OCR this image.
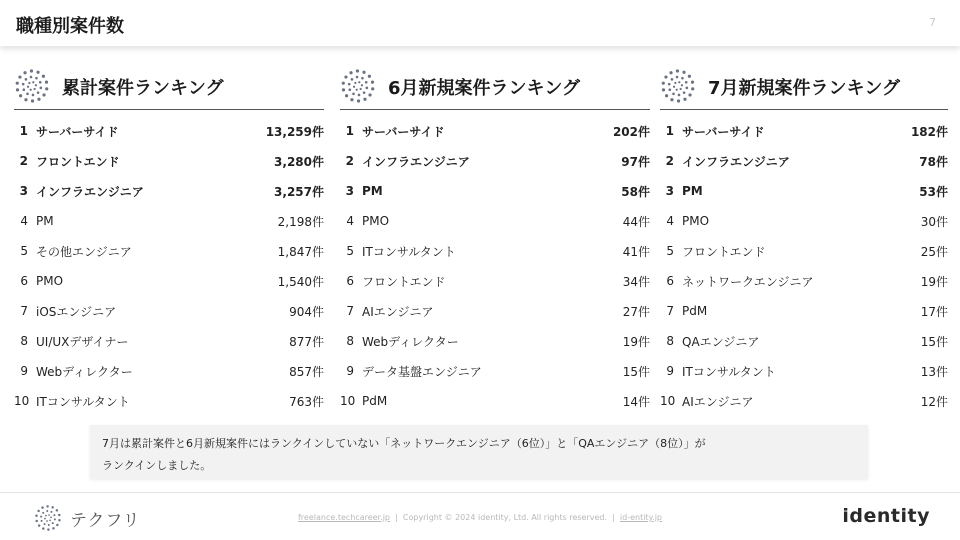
職種別案件数	7
累計案件ランキング
1 サーバーサイド	13,259件
2 フロントエンド	3,280件
3 インフラエンジニア	3,257件
4 PM	2,198件
5 その他エンジニア	1,847件
6 PMO	1,540件
7 iOSエンジニア	904件
8 UI/UXデザイナー	877件
9 Webディレクター	857件
10 ITコンサルタント	763件
6月新規案件ランキング
1 サーバーサイド	202件
2 インフラエンジニア	97件
3 PM	58件
4 PMO	44件
5 ITコンサルタント	41件
6 フロントエンド	34件
7 AIエンジニア	27件
8 Webディレクター	19件
9 データ基盤エンジニア	15件
10 PdM	14件
7月新規案件ランキング
1 サーバーサイド	182件
2 インフラエンジニア	78件
3 PM	53件
4 PMO	30件
5 フロントエンド	25件
6 ネットワークエンジニア	19件
7 PdM	17件
8 QAエンジニア	15件
9 ITコンサルタント	13件
10 AIエンジニア	12件
7月は累計案件と6月新規案件にはランクインしていない「ネットワークエンジニア（6位）」と「QAエンジニア（8位）」が
ランクインしました。
テクフリ	freelance.techcareer.jp | Copyright © 2024 identity, Ltd. All rights reserved. | id-entity.jp	identity
